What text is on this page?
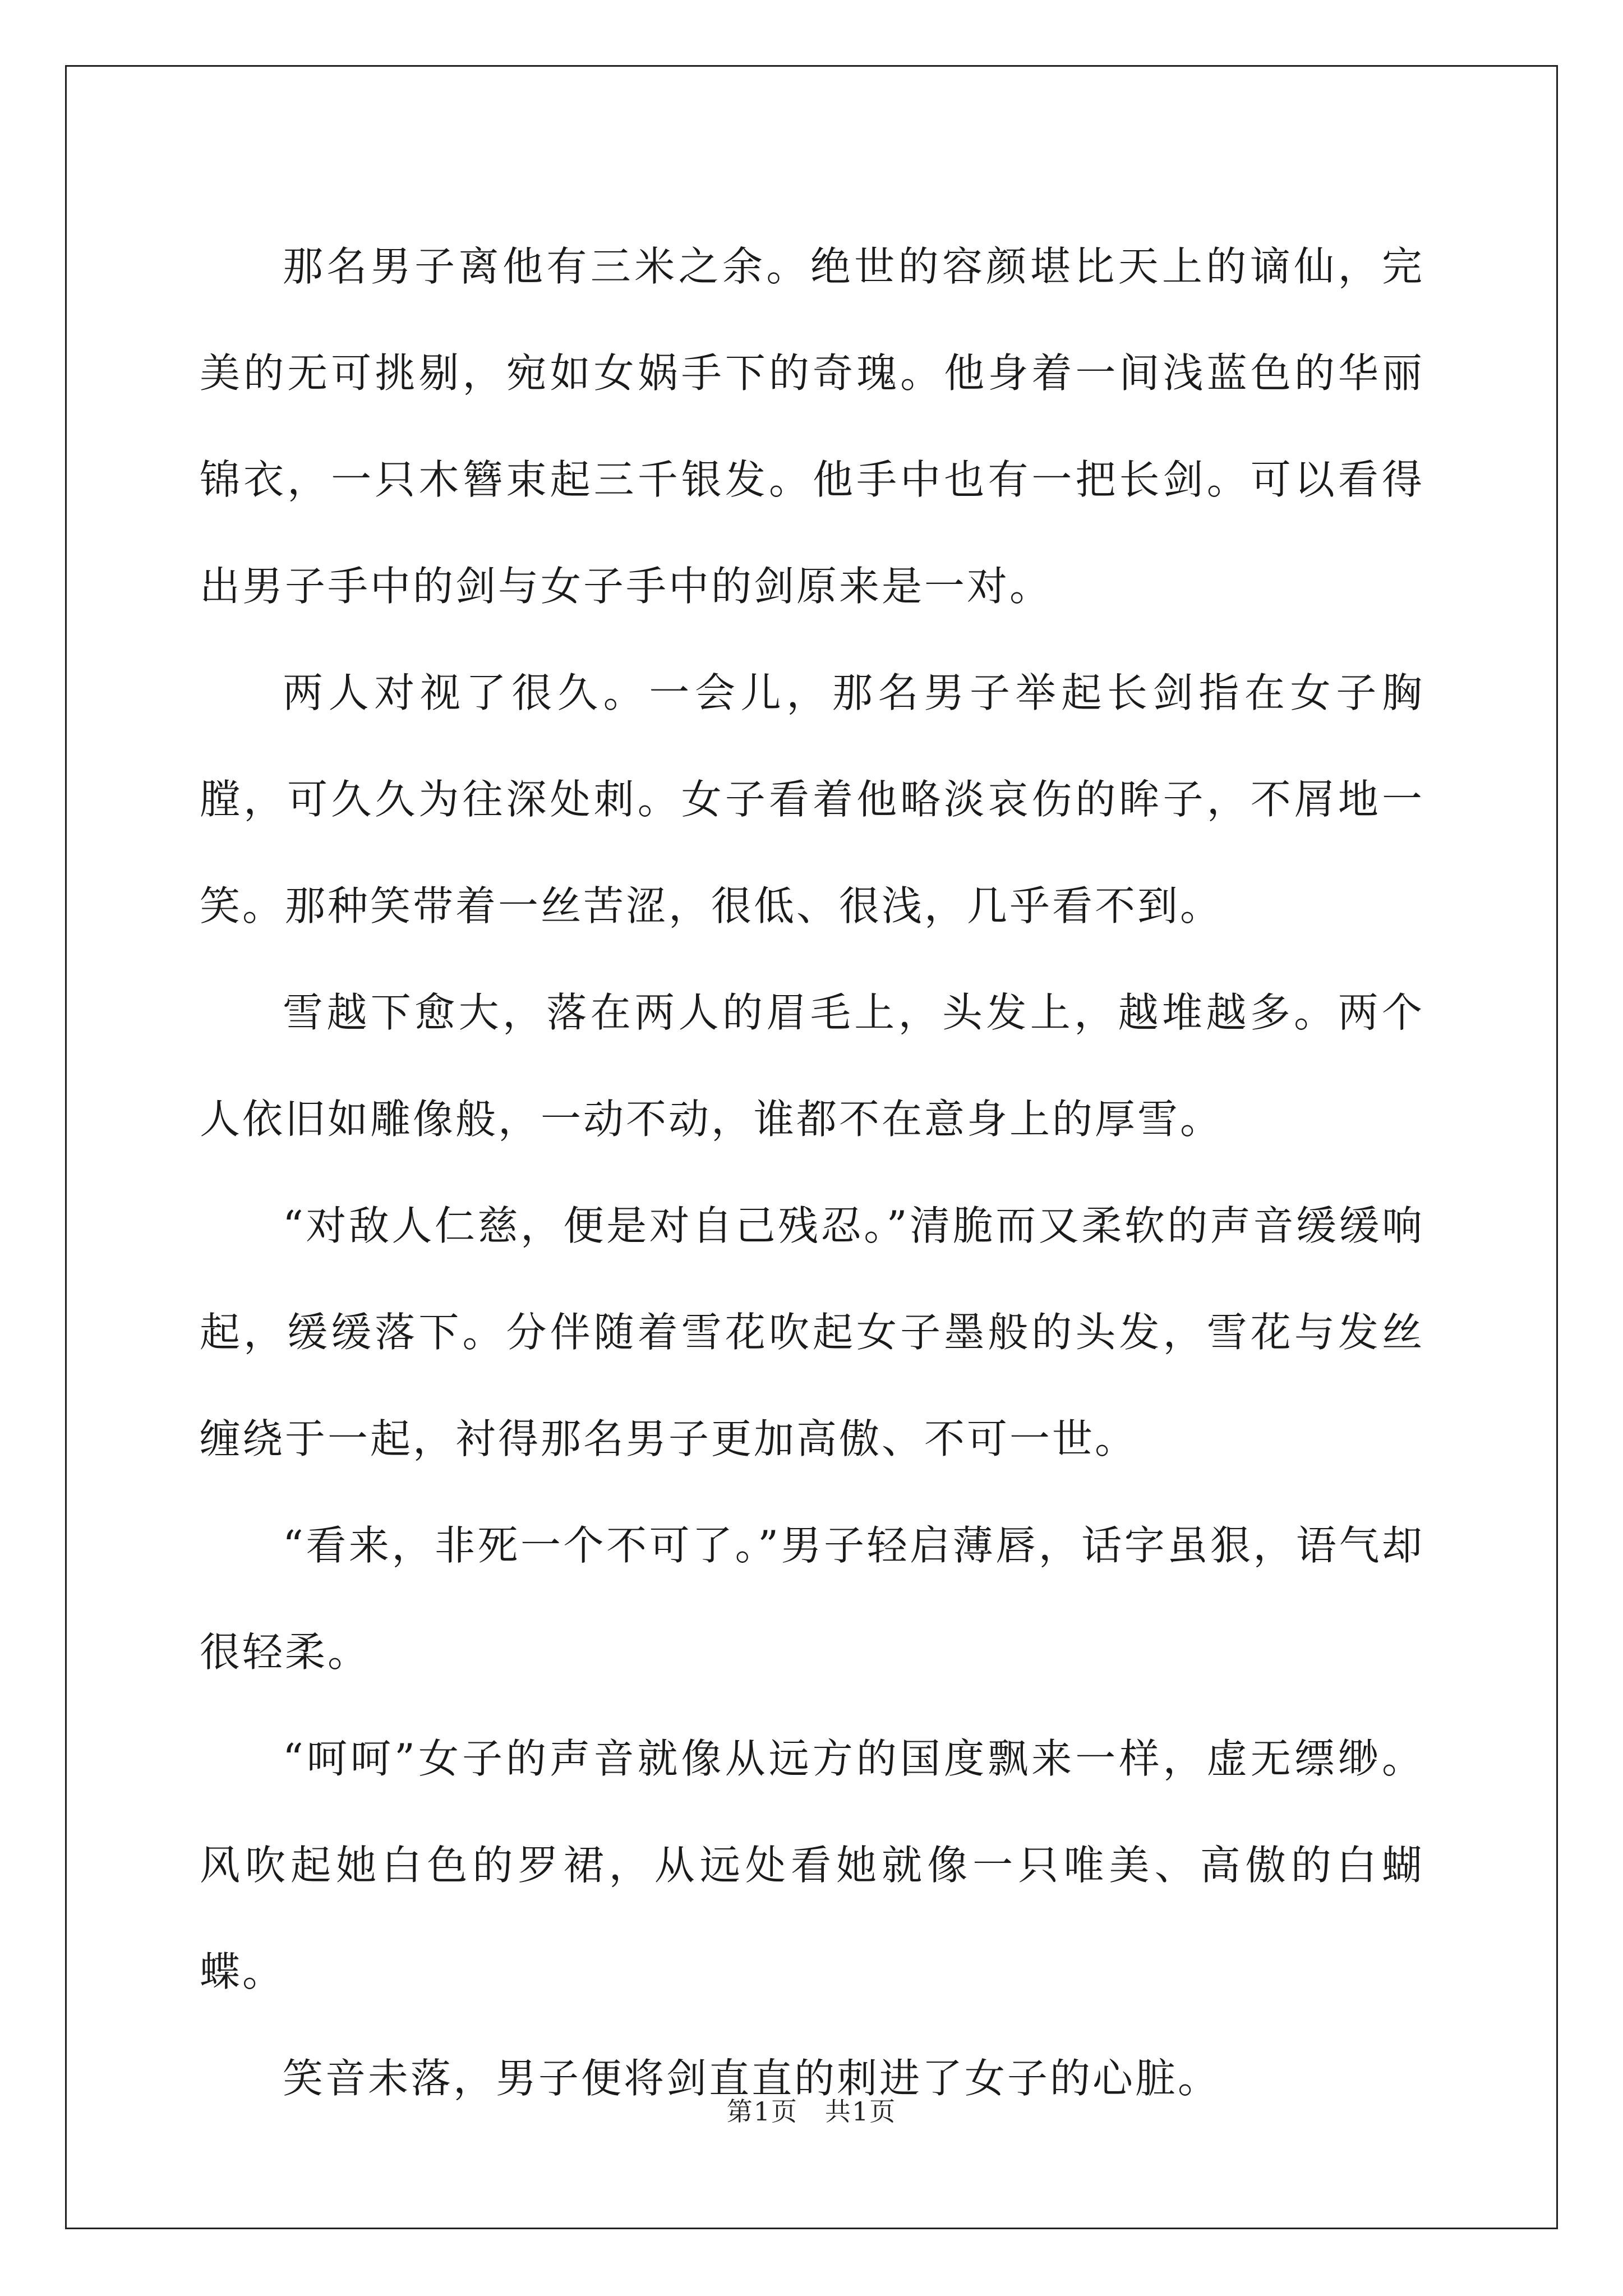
那名男子离他有三米之余。绝世的容颜堪比天上的谪仙，完美的无可挑剔，宛如女娲手下的奇瑰。他身着一间浅蓝色的华丽锦衣，一只木簪束起三千银发。他手中也有一把长剑。可以看得出男子手中的剑与女子手中的剑原来是一对。

两人对视了很久。一会儿，那名男子举起长剑指在女子胸膛，可久久为往深处刺。女子看着他略淡哀伤的眸子，不屑地一笑。那种笑带着一丝苦涩，很低、很浅，几乎看不到。

雪越下愈大，落在两人的眉毛上，头发上，越堆越多。两个人依旧如雕像般，一动不动，谁都不在意身上的厚雪。

“对敌人仁慈，便是对自己残忍。”清脆而又柔软的声音缓缓响起，缓缓落下。分伴随着雪花吹起女子墨般的头发，雪花与发丝缠绕于一起，衬得那名男子更加高傲、不可一世。

“看来，非死一个不可了。”男子轻启薄唇，话字虽狠，语气却很轻柔。

“呵呵”女子的声音就像从远方的国度飘来一样，虚无缥缈。风吹起她白色的罗裙，从远处看她就像一只唯美、高傲的白蝴蝶。

笑音未落，男子便将剑直直的刺进了女子的心脏。

第1页 共1页
